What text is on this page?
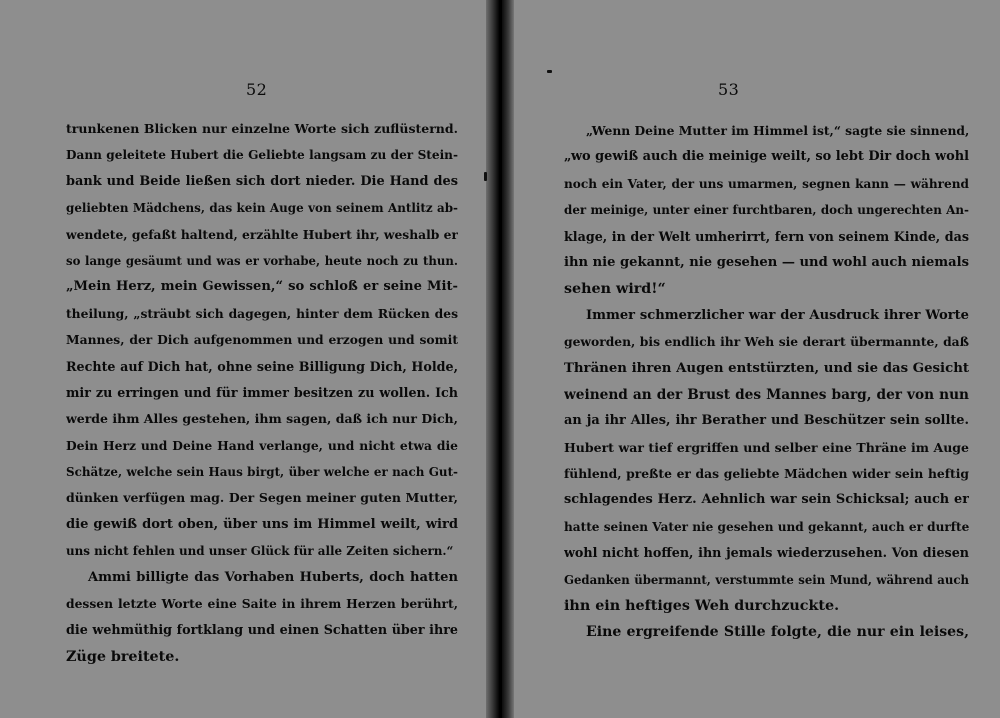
52
trunkenen Blicken nur einzelne Worte sich zuflüsternd.
Dann geleitete Hubert die Geliebte langsam zu der Stein-
bank und Beide ließen sich dort nieder. Die Hand des
geliebten Mädchens, das kein Auge von seinem Antlitz ab-
wendete, gefaßt haltend, erzählte Hubert ihr, weshalb er
so lange gesäumt und was er vorhabe, heute noch zu thun.
„Mein Herz, mein Gewissen,“ so schloß er seine Mit-
theilung, „sträubt sich dagegen, hinter dem Rücken des
Mannes, der Dich aufgenommen und erzogen und somit
Rechte auf Dich hat, ohne seine Billigung Dich, Holde,
mir zu erringen und für immer besitzen zu wollen. Ich
werde ihm Alles gestehen, ihm sagen, daß ich nur Dich,
Dein Herz und Deine Hand verlange, und nicht etwa die
Schätze, welche sein Haus birgt, über welche er nach Gut-
dünken verfügen mag. Der Segen meiner guten Mutter,
die gewiß dort oben, über uns im Himmel weilt, wird
uns nicht fehlen und unser Glück für alle Zeiten sichern.“
Ammi billigte das Vorhaben Huberts, doch hatten
dessen letzte Worte eine Saite in ihrem Herzen berührt,
die wehmüthig fortklang und einen Schatten über ihre
Züge breitete.
53
„Wenn Deine Mutter im Himmel ist,“ sagte sie sinnend,
„wo gewiß auch die meinige weilt, so lebt Dir doch wohl
noch ein Vater, der uns umarmen, segnen kann — während
der meinige, unter einer furchtbaren, doch ungerechten An-
klage, in der Welt umherirrt, fern von seinem Kinde, das
ihn nie gekannt, nie gesehen — und wohl auch niemals
sehen wird!“
Immer schmerzlicher war der Ausdruck ihrer Worte
geworden, bis endlich ihr Weh sie derart übermannte, daß
Thränen ihren Augen entstürzten, und sie das Gesicht
weinend an der Brust des Mannes barg, der von nun
an ja ihr Alles, ihr Berather und Beschützer sein sollte.
Hubert war tief ergriffen und selber eine Thräne im Auge
fühlend, preßte er das geliebte Mädchen wider sein heftig
schlagendes Herz. Aehnlich war sein Schicksal; auch er
hatte seinen Vater nie gesehen und gekannt, auch er durfte
wohl nicht hoffen, ihn jemals wiederzusehen. Von diesen
Gedanken übermannt, verstummte sein Mund, während auch
ihn ein heftiges Weh durchzuckte.
Eine ergreifende Stille folgte, die nur ein leises,
